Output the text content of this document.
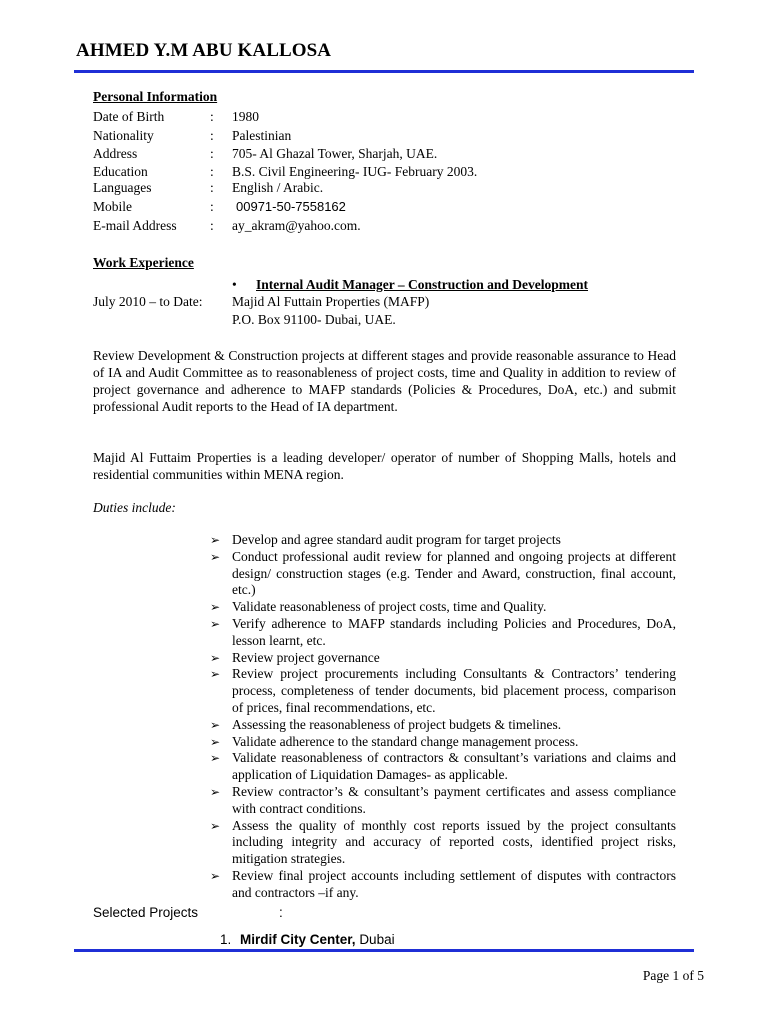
AHMED Y.M ABU KALLOSA
Personal Information
Date of Birth	: 1980
Nationality	: Palestinian
Address	: 705- Al Ghazal Tower, Sharjah, UAE.
Education	: B.S. Civil Engineering- IUG- February 2003.
Languages	: English / Arabic.
Mobile	: 00971-50-7558162
E-mail Address : ay_akram@yahoo.com.
Work Experience
• Internal Audit Manager – Construction and Development
July 2010 – to Date: Majid Al Futtain Properties (MAFP)
P.O. Box 91100- Dubai, UAE.
Review Development & Construction projects at different stages and provide reasonable assurance to Head of IA and Audit Committee as to reasonableness of project costs, time and Quality in addition to review of project governance and adherence to MAFP standards (Policies & Procedures, DoA, etc.) and submit professional Audit reports to the Head of IA department.
Majid Al Futtaim Properties is a leading developer/ operator of number of Shopping Malls, hotels and residential communities within MENA region.
Duties include:

➢ Develop and agree standard audit program for target projects

➢ Conduct professional audit review for planned and ongoing projects at different design/ construction stages (e.g. Tender and Award, construction, final account, etc.)

➢ Validate reasonableness of project costs, time and Quality.

➢ Verify adherence to MAFP standards including Policies and Procedures, DoA, lesson learnt, etc.

➢ Review project governance

➢ Review project procurements including Consultants & Contractors’ tendering process, completeness of tender documents, bid placement process, comparison of prices, final recommendations, etc.

➢ Assessing the reasonableness of project budgets & timelines.

➢ Validate adherence to the standard change management process.

➢ Validate reasonableness of contractors & consultant’s variations and claims and application of Liquidation Damages- as applicable.

➢ Review contractor’s & consultant’s payment certificates and assess compliance with contract conditions.

➢ Assess the quality of monthly cost reports issued by the project consultants including integrity and accuracy of reported costs, identified project risks, mitigation strategies.

➢ Review final project accounts including settlement of disputes with contractors and contractors –if any.

Selected Projects	:
1. Mirdif City Center, Dubai
Page 1 of 5
